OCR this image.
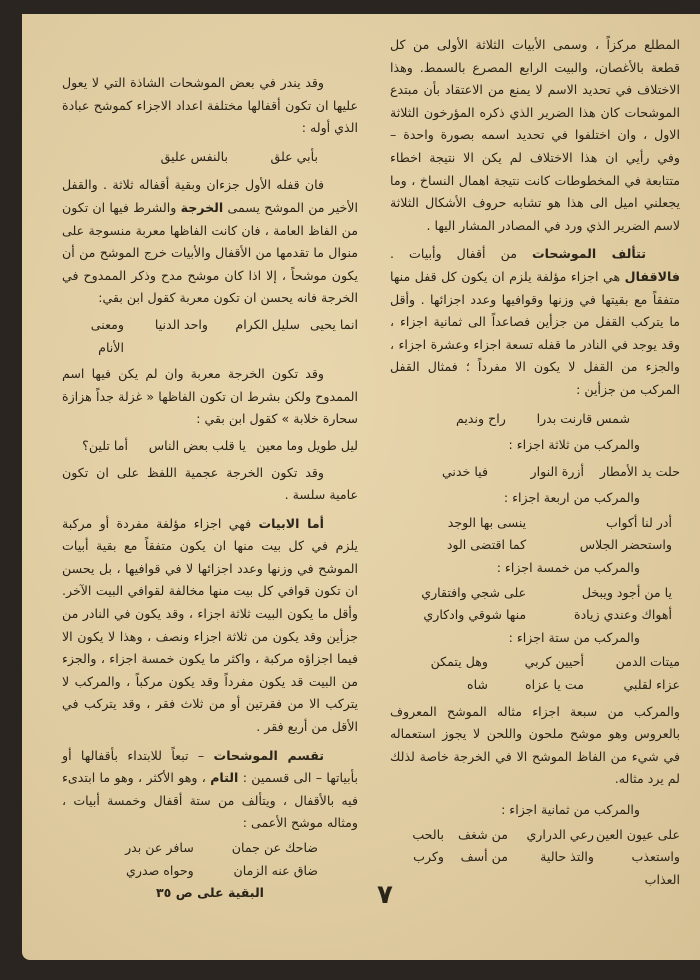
المطلع مركزاً ، وسمى الأبيات الثلاثة الأولى من كل قطعة بالأغصان، والبيت الرابع المصرع بالسمط. وهذا الاختلاف في تحديد الاسم لا يمنع من الاعتقاد بأن مبتدع الموشحات كان هذا الضرير الذي ذكره المؤرخون الثلاثة الاول ، وان اختلفوا في تحديد اسمه بصورة واحدة – وفي رأيي ان هذا الاختلاف لم يكن الا نتيجة اخطاء متتابعة في المخطوطات كانت نتيجة اهمال النساخ ، وما يجعلني اميل الى هذا هو تشابه حروف الأشكال الثلاثة لاسم الضرير الذي ورد في المصادر المشار اليها .

تتألف الموشحات من أقفال وأبيات . فالاقفال هي اجزاء مؤلفة يلزم ان يكون كل قفل منها متفقاً مع بقيتها في وزنها وقوافيها وعدد اجزائها . وأقل ما يتركب القفل من جزأين فصاعداً الى ثمانية اجزاء ، وقد يوجد في النادر ما قفله تسعة اجزاء وعشرة اجزاء ، والجزء من القفل لا يكون الا مفرداً ؛ فمثال القفل المركب من جزأين :

شمس قارنت بدرا
راح ونديم

والمركب من ثلاثة اجزاء :

حلت يد الأمطار
أزرة النوار
فيا خدني

والمركب من اربعة اجزاء :

أدر لنا أكواب
ينسى بها الوجد
واستحضر الجلاس
كما اقتضى الود

والمركب من خمسة اجزاء :

يا من أجود ويبخل
على شجي وافتقاري
أهواك وعندي زيادة
منها شوقي وادكاري

والمركب من ستة اجزاء :

ميتات الدمن
أحيين كربي
وهل يتمكن
عزاء لقلبي
مت يا عزاه
شاه

والمركب من سبعة اجزاء مثاله الموشح المعروف بالعروس وهو موشح ملحون واللحن لا يجوز استعماله في شيء من الفاظ الموشح الا في الخرجة خاصة لذلك لم يرد مثاله.

والمركب من ثمانية اجزاء :

على عيون العين
رعي الدراري
من شغف
بالحب
واستعذب العذاب
والتذ حالية
من أسف
وكرب

وقد يندر في بعض الموشحات الشاذة التي لا يعول عليها ان تكون أقفالها مختلفة اعداد الاجزاء كموشح عبادة الذي أوله :

بأبي علق
بالنفس عليق

فان قفله الأول جزءان وبقية أقفاله ثلاثة . والقفل الأخير من الموشح يسمى الخرجة والشرط فيها ان تكون من الفاظ العامة ، فان كانت الفاظها معربة منسوجة على منوال ما تقدمها من الأقفال والأبيات خرج الموشح من أن يكون موشحاً ، إلا اذا كان موشح مدح وذكر الممدوح في الخرجة فانه يحسن ان تكون معربة كقول ابن بقي:

انما يحيى
سليل الكرام
واحد الدنيا
ومعنى الأنام

وقد تكون الخرجة معربة وان لم يكن فيها اسم الممدوح ولكن بشرط ان تكون الفاظها « غزلة جداً هزازة سحارة خلابة » كقول ابن بقي :

ليل طويل وما معين
يا قلب بعض الناس
أما تلين؟

وقد تكون الخرجة عجمية اللفظ على ان تكون عامية سلسة .

أما الابيات فهي اجزاء مؤلفة مفردة أو مركبة يلزم في كل بيت منها ان يكون متفقاً مع بقية أبيات الموشح في وزنها وعدد اجزائها لا في قوافيها ، بل يحسن ان تكون قوافي كل بيت منها مخالفة لقوافي البيت الآخر. وأقل ما يكون البيت ثلاثة اجزاء ، وقد يكون في النادر من جزأين وقد يكون من ثلاثة اجزاء ونصف ، وهذا لا يكون الا فيما اجزاؤه مركبة ، واكثر ما يكون خمسة اجزاء ، والجزء من البيت قد يكون مفرداً وقد يكون مركباً ، والمركب لا يتركب الا من فقرتين أو من ثلاث فقر ، وقد يتركب في الأقل من أربع فقر .

تقسم الموشحات – تبعاً للابتداء بأقفالها أو بأبياتها – الى قسمين : التام ، وهو الأكثر ، وهو ما ابتدىء فيه بالأقفال ، ويتألف من ستة أقفال وخمسة أبيات ، ومثاله موشح الأعمى :

ضاحك عن جمان
سافر عن بدر
ضاق عنه الزمان
وحواه صدري

البقية على ص ٣٥	٧
